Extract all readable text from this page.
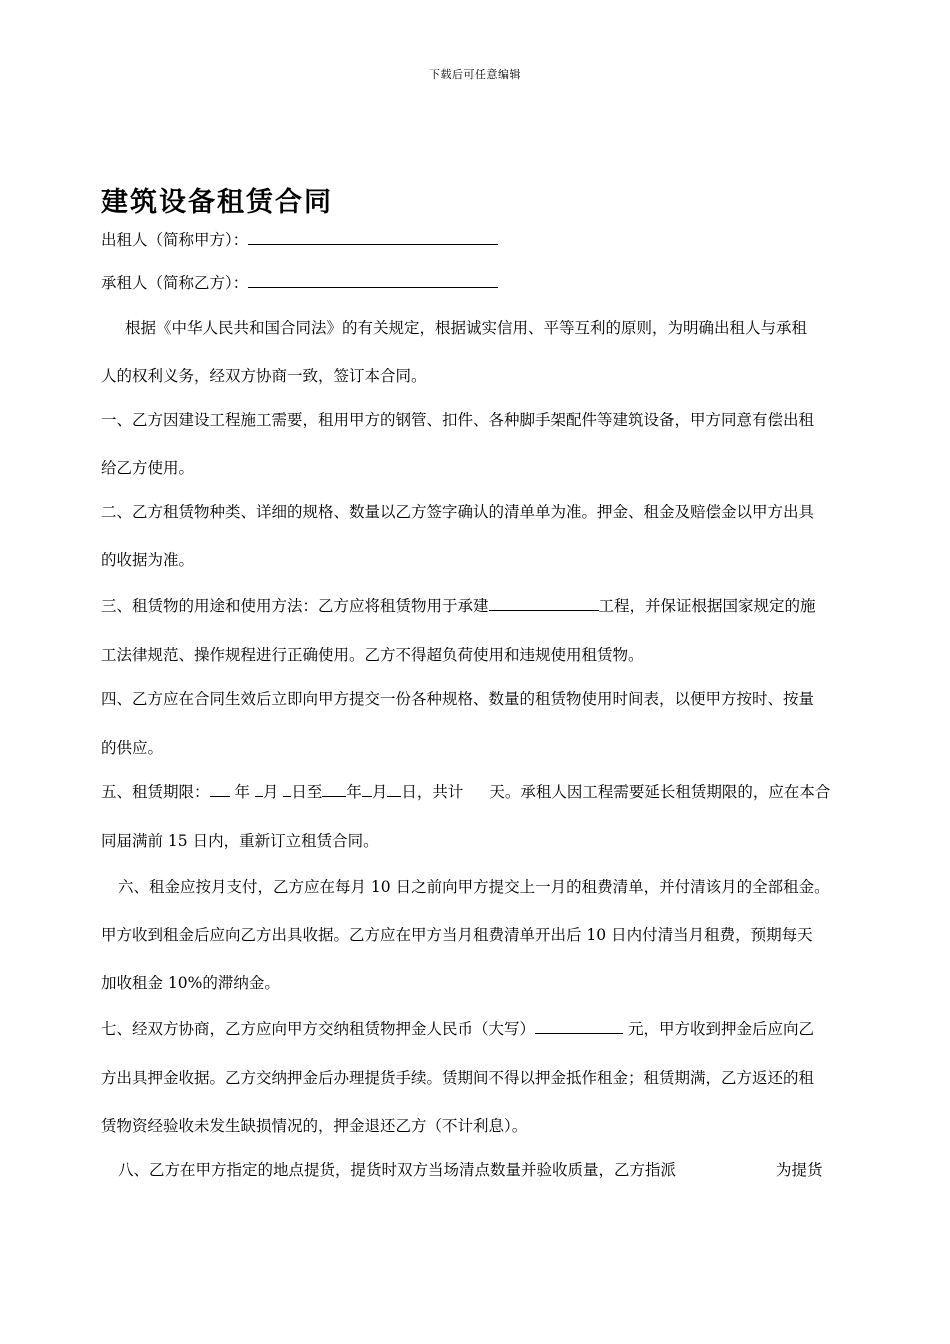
下载后可任意编辑
建筑设备租赁合同
出租人（简称甲方）：
承租人（简称乙方）：
根据《中华人民共和国合同法》的有关规定，根据诚实信用、平等互利的原则，为明确出租人与承租
人的权利义务，经双方协商一致，签订本合同。
一、乙方因建设工程施工需要，租用甲方的钢管、扣件、各种脚手架配件等建筑设备，甲方同意有偿出租
给乙方使用。
二、乙方租赁物种类、详细的规格、数量以乙方签字确认的清单单为准。押金、租金及赔偿金以甲方出具
的收据为准。
三、租赁物的用途和使用方法：乙方应将租赁物用于承建	工程，并保证根据国家规定的施
工法律规范、操作规程进行正确使用。乙方不得超负荷使用和违规使用租赁物。
四、乙方应在合同生效后立即向甲方提交一份各种规格、数量的租赁物使用时间表，以便甲方按时、按量
的供应。
五、租赁期限： 年 月 日至 年 月 日，共计 天。承租人因工程需要延长租赁期限的，应在本合
同届满前 15 日内，重新订立租赁合同。
六、租金应按月支付，乙方应在每月 10 日之前向甲方提交上一月的租费清单，并付清该月的全部租金。
甲方收到租金后应向乙方出具收据。乙方应在甲方当月租费清单开出后 10 日内付清当月租费，预期每天
加收租金 10%的滞纳金。
七、经双方协商，乙方应向甲方交纳租赁物押金人民币（大写）	元，甲方收到押金后应向乙
方出具押金收据。乙方交纳押金后办理提货手续。赁期间不得以押金抵作租金；租赁期满，乙方返还的租
赁物资经验收未发生缺损情况的，押金退还乙方（不计利息）。
八、乙方在甲方指定的地点提货，提货时双方当场清点数量并验收质量，乙方指派	为提货
